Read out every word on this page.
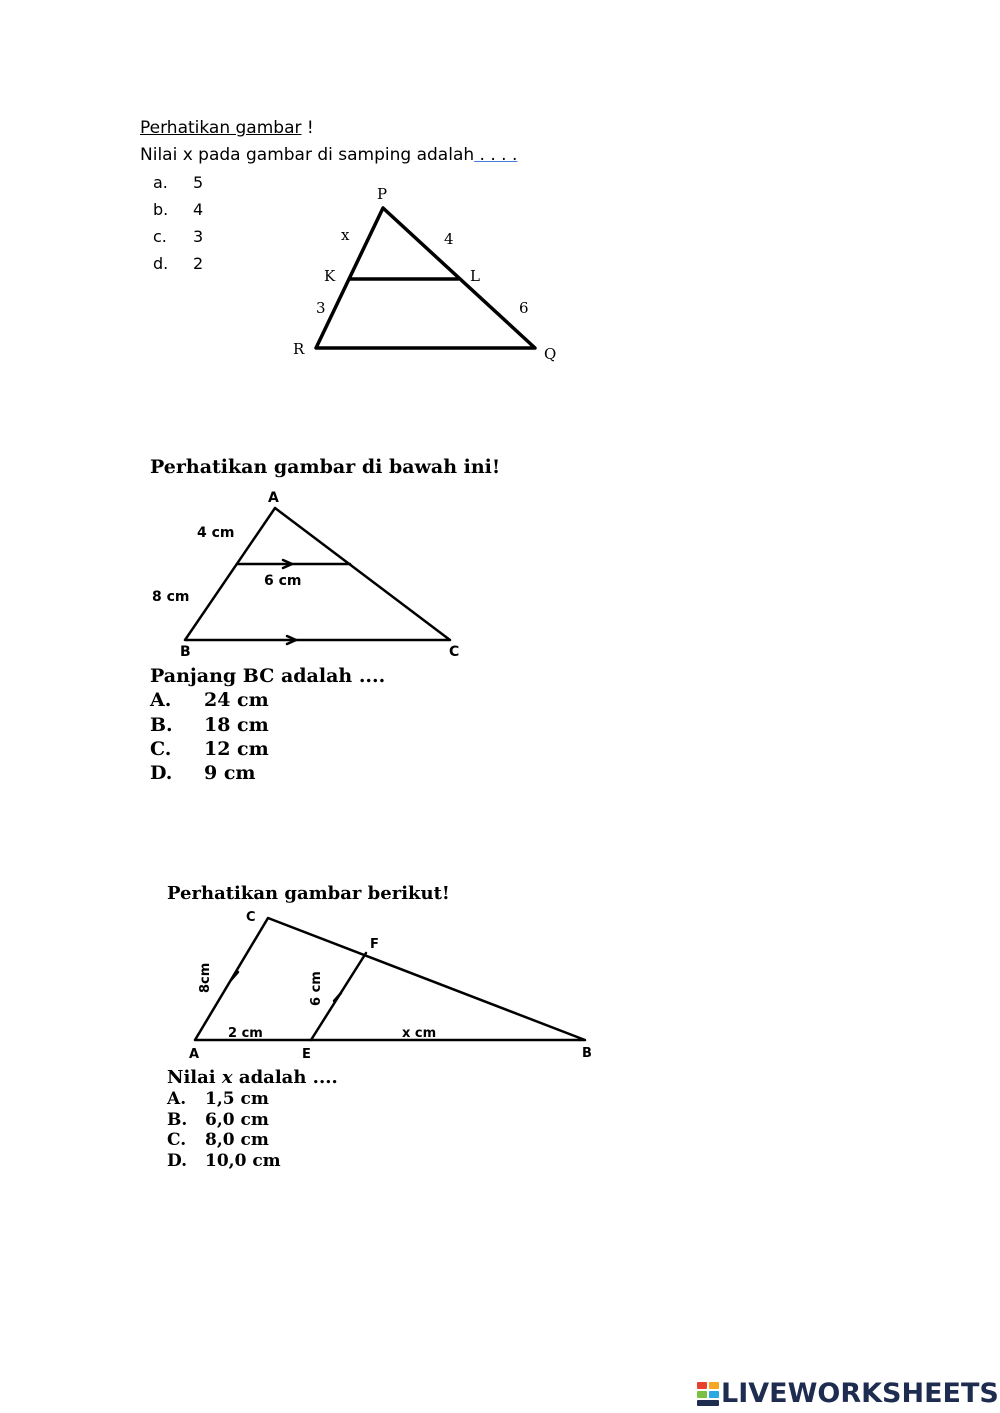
Perhatikan gambar !
Nilai x pada gambar di samping adalah . . . .
a. 5
b. 4
c. 3
d. 2
P
K	L
R	Q
x	4
3	6
Perhatikan gambar di bawah ini!
A
B	C
4 cm
8 cm
6 cm
Panjang BC adalah ....
A. 24 cm
B. 18 cm
C. 12 cm
D. 9 cm
Perhatikan gambar berikut!
C
F
A	E	B
2 cm	x cm
8cm	6 cm
Nilai x adalah ....
A. 1,5 cm
B. 6,0 cm
C. 8,0 cm
D. 10,0 cm
LIVEWORKSHEETS
